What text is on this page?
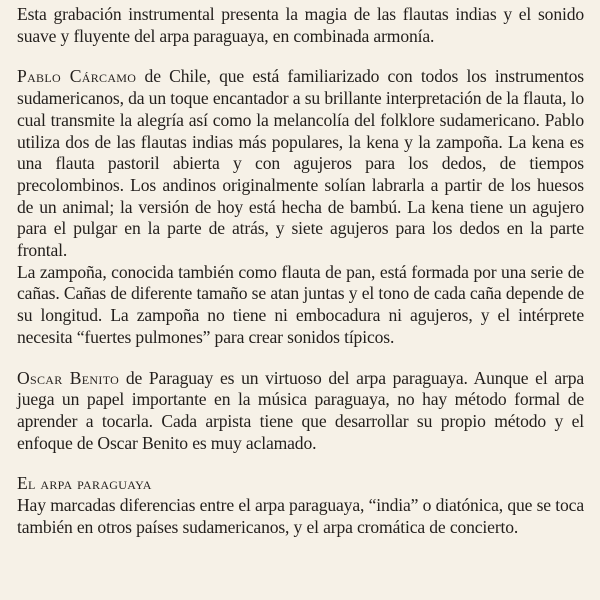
Esta grabación instrumental presenta la magia de las flautas indias y el sonido suave y fluyente del arpa paraguaya, en combinada armonía.

Pablo Cárcamo de Chile, que está familiarizado con todos los instrumentos sudamericanos, da un toque encantador a su brillante interpretación de la flauta, lo cual transmite la alegría así como la melancolía del folklore sudamericano. Pablo utiliza dos de las flautas indias más populares, la kena y la zampoña. La kena es una flauta pastoril abierta y con agujeros para los dedos, de tiempos precolombinos. Los andinos originalmente solían labrarla a partir de los huesos de un animal; la versión de hoy está hecha de bambú. La kena tiene un agujero para el pulgar en la parte de atrás, y siete agujeros para los dedos en la parte frontal.

La zampoña, conocida también como flauta de pan, está formada por una serie de cañas. Cañas de diferente tamaño se atan juntas y el tono de cada caña depende de su longitud. La zampoña no tiene ni embocadura ni agujeros, y el intérprete necesita “fuertes pulmones” para crear sonidos típicos.

Oscar Benito de Paraguay es un virtuoso del arpa paraguaya. Aunque el arpa juega un papel importante en la música paraguaya, no hay método formal de aprender a tocarla. Cada arpista tiene que desarrollar su propio método y el enfoque de Oscar Benito es muy aclamado.

El arpa paraguaya

Hay marcadas diferencias entre el arpa paraguaya, “india” o diatónica, que se toca también en otros países sudamericanos, y el arpa cromática de concierto.
